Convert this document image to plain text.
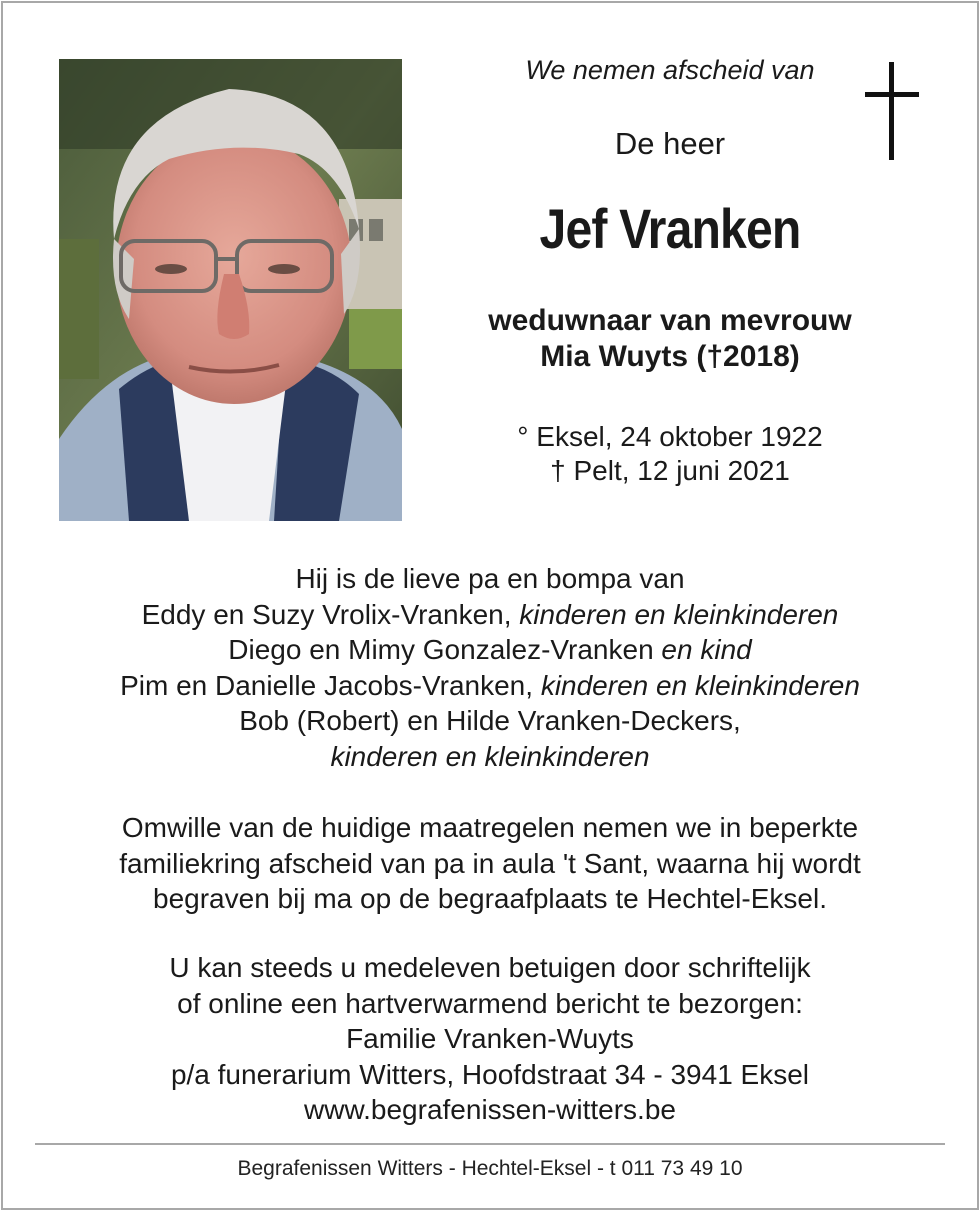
We nemen afscheid van
De heer
Jef Vranken
weduwnaar van mevrouw
Mia Wuyts (†2018)
° Eksel, 24 oktober 1922
† Pelt, 12 juni 2021
Hij is de lieve pa en bompa van
Eddy en Suzy Vrolix-Vranken, kinderen en kleinkinderen
Diego en Mimy Gonzalez-Vranken en kind
Pim en Danielle Jacobs-Vranken, kinderen en kleinkinderen
Bob (Robert) en Hilde Vranken-Deckers,
kinderen en kleinkinderen
Omwille van de huidige maatregelen nemen we in beperkte
familiekring afscheid van pa in aula 't Sant, waarna hij wordt
begraven bij ma op de begraafplaats te Hechtel-Eksel.
U kan steeds u medeleven betuigen door schriftelijk
of online een hartverwarmend bericht te bezorgen:
Familie Vranken-Wuyts
p/a funerarium Witters, Hoofdstraat 34 - 3941 Eksel
www.begrafenissen-witters.be
Begrafenissen Witters - Hechtel-Eksel - t 011 73 49 10
